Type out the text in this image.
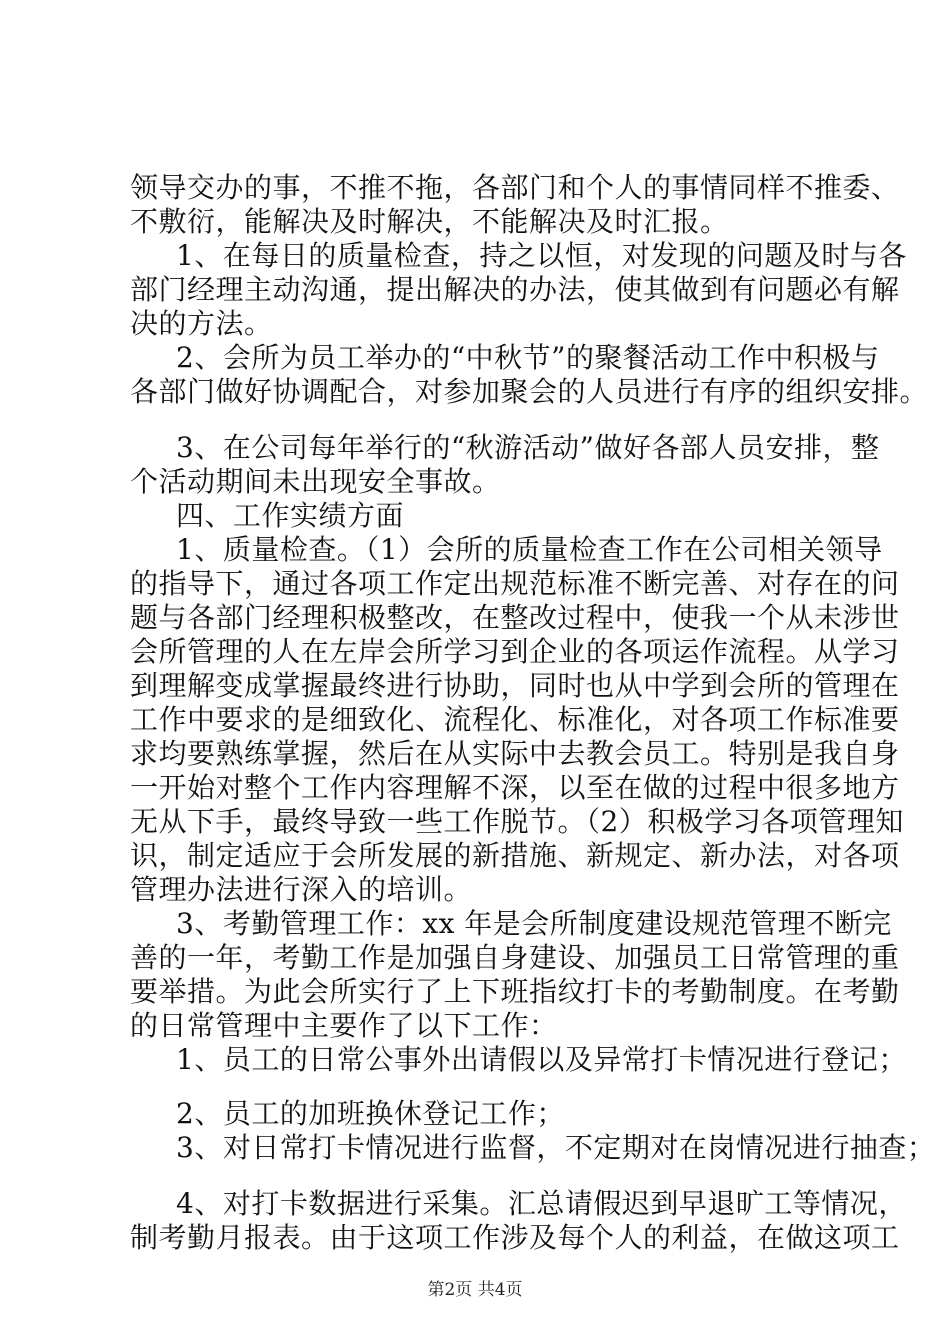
领导交办的事，不推不拖，各部门和个人的事情同样不推委、
不敷衍，能解决及时解决，不能解决及时汇报。
1、在每日的质量检查，持之以恒，对发现的问题及时与各
部门经理主动沟通，提出解决的办法，使其做到有问题必有解
决的方法。
2、会所为员工举办的“中秋节”的聚餐活动工作中积极与
各部门做好协调配合，对参加聚会的人员进行有序的组织安排。
3、在公司每年举行的“秋游活动”做好各部人员安排，整
个活动期间未出现安全事故。
四、工作实绩方面
1、质量检查。（1）会所的质量检查工作在公司相关领导
的指导下，通过各项工作定出规范标准不断完善、对存在的问
题与各部门经理积极整改，在整改过程中，使我一个从未涉世
会所管理的人在左岸会所学习到企业的各项运作流程。从学习
到理解变成掌握最终进行协助，同时也从中学到会所的管理在
工作中要求的是细致化、流程化、标准化，对各项工作标准要
求均要熟练掌握，然后在从实际中去教会员工。特别是我自身
一开始对整个工作内容理解不深，以至在做的过程中很多地方
无从下手，最终导致一些工作脱节。（2）积极学习各项管理知
识，制定适应于会所发展的新措施、新规定、新办法，对各项
管理办法进行深入的培训。
3、考勤管理工作：xx 年是会所制度建设规范管理不断完
善的一年，考勤工作是加强自身建设、加强员工日常管理的重
要举措。为此会所实行了上下班指纹打卡的考勤制度。在考勤
的日常管理中主要作了以下工作：
1、员工的日常公事外出请假以及异常打卡情况进行登记；
2、员工的加班换休登记工作；
3、对日常打卡情况进行监督，不定期对在岗情况进行抽查；
4、对打卡数据进行采集。汇总请假迟到早退旷工等情况，
制考勤月报表。由于这项工作涉及每个人的利益，在做这项工
第2页 共4页
